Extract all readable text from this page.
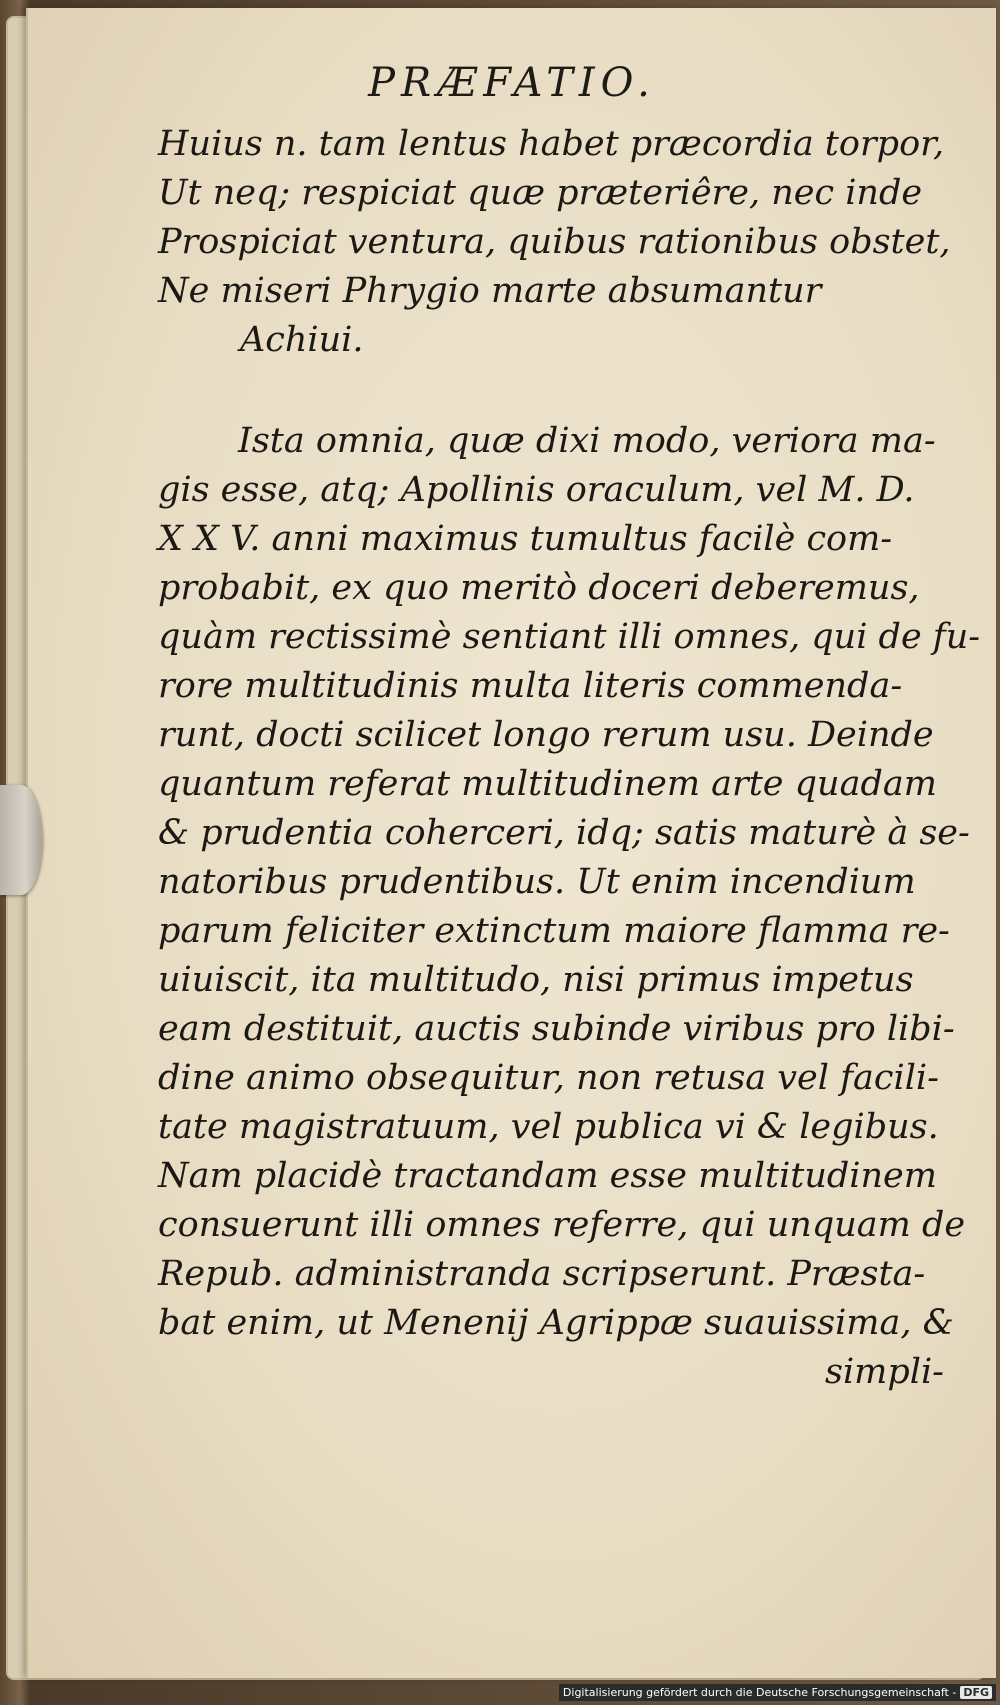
PRÆFATIO.
Huius n. tam lentus habet præcordia torpor,
Ut neq; respiciat quæ præteriêre, nec inde
Prospiciat ventura, quibus rationibus obstet,
Ne miseri Phrygio marte absumantur
Achiui.
Ista omnia, quæ dixi modo, veriora ma-
gis esse, atq; Apollinis oraculum, vel M. D.
X X V. anni maximus tumultus facilè com-
probabit, ex quo meritò doceri deberemus,
quàm rectissimè sentiant illi omnes, qui de fu-
rore multitudinis multa literis commenda-
runt, docti scilicet longo rerum usu. Deinde
quantum referat multitudinem arte quadam
& prudentia coherceri, idq; satis maturè à se-
natoribus prudentibus. Ut enim incendium
parum feliciter extinctum maiore flamma re-
uiuiscit, ita multitudo, nisi primus impetus
eam destituit, auctis subinde viribus pro libi-
dine animo obsequitur, non retusa vel facili-
tate magistratuum, vel publica vi & legibus.
Nam placidè tractandam esse multitudinem
consuerunt illi omnes referre, qui unquam de
Repub. administranda scripserunt. Præsta-
bat enim, ut Menenij Agrippæ suauissima, &
simpli-
Digitalisierung gefördert durch die Deutsche Forschungsgemeinschaft - DFG
